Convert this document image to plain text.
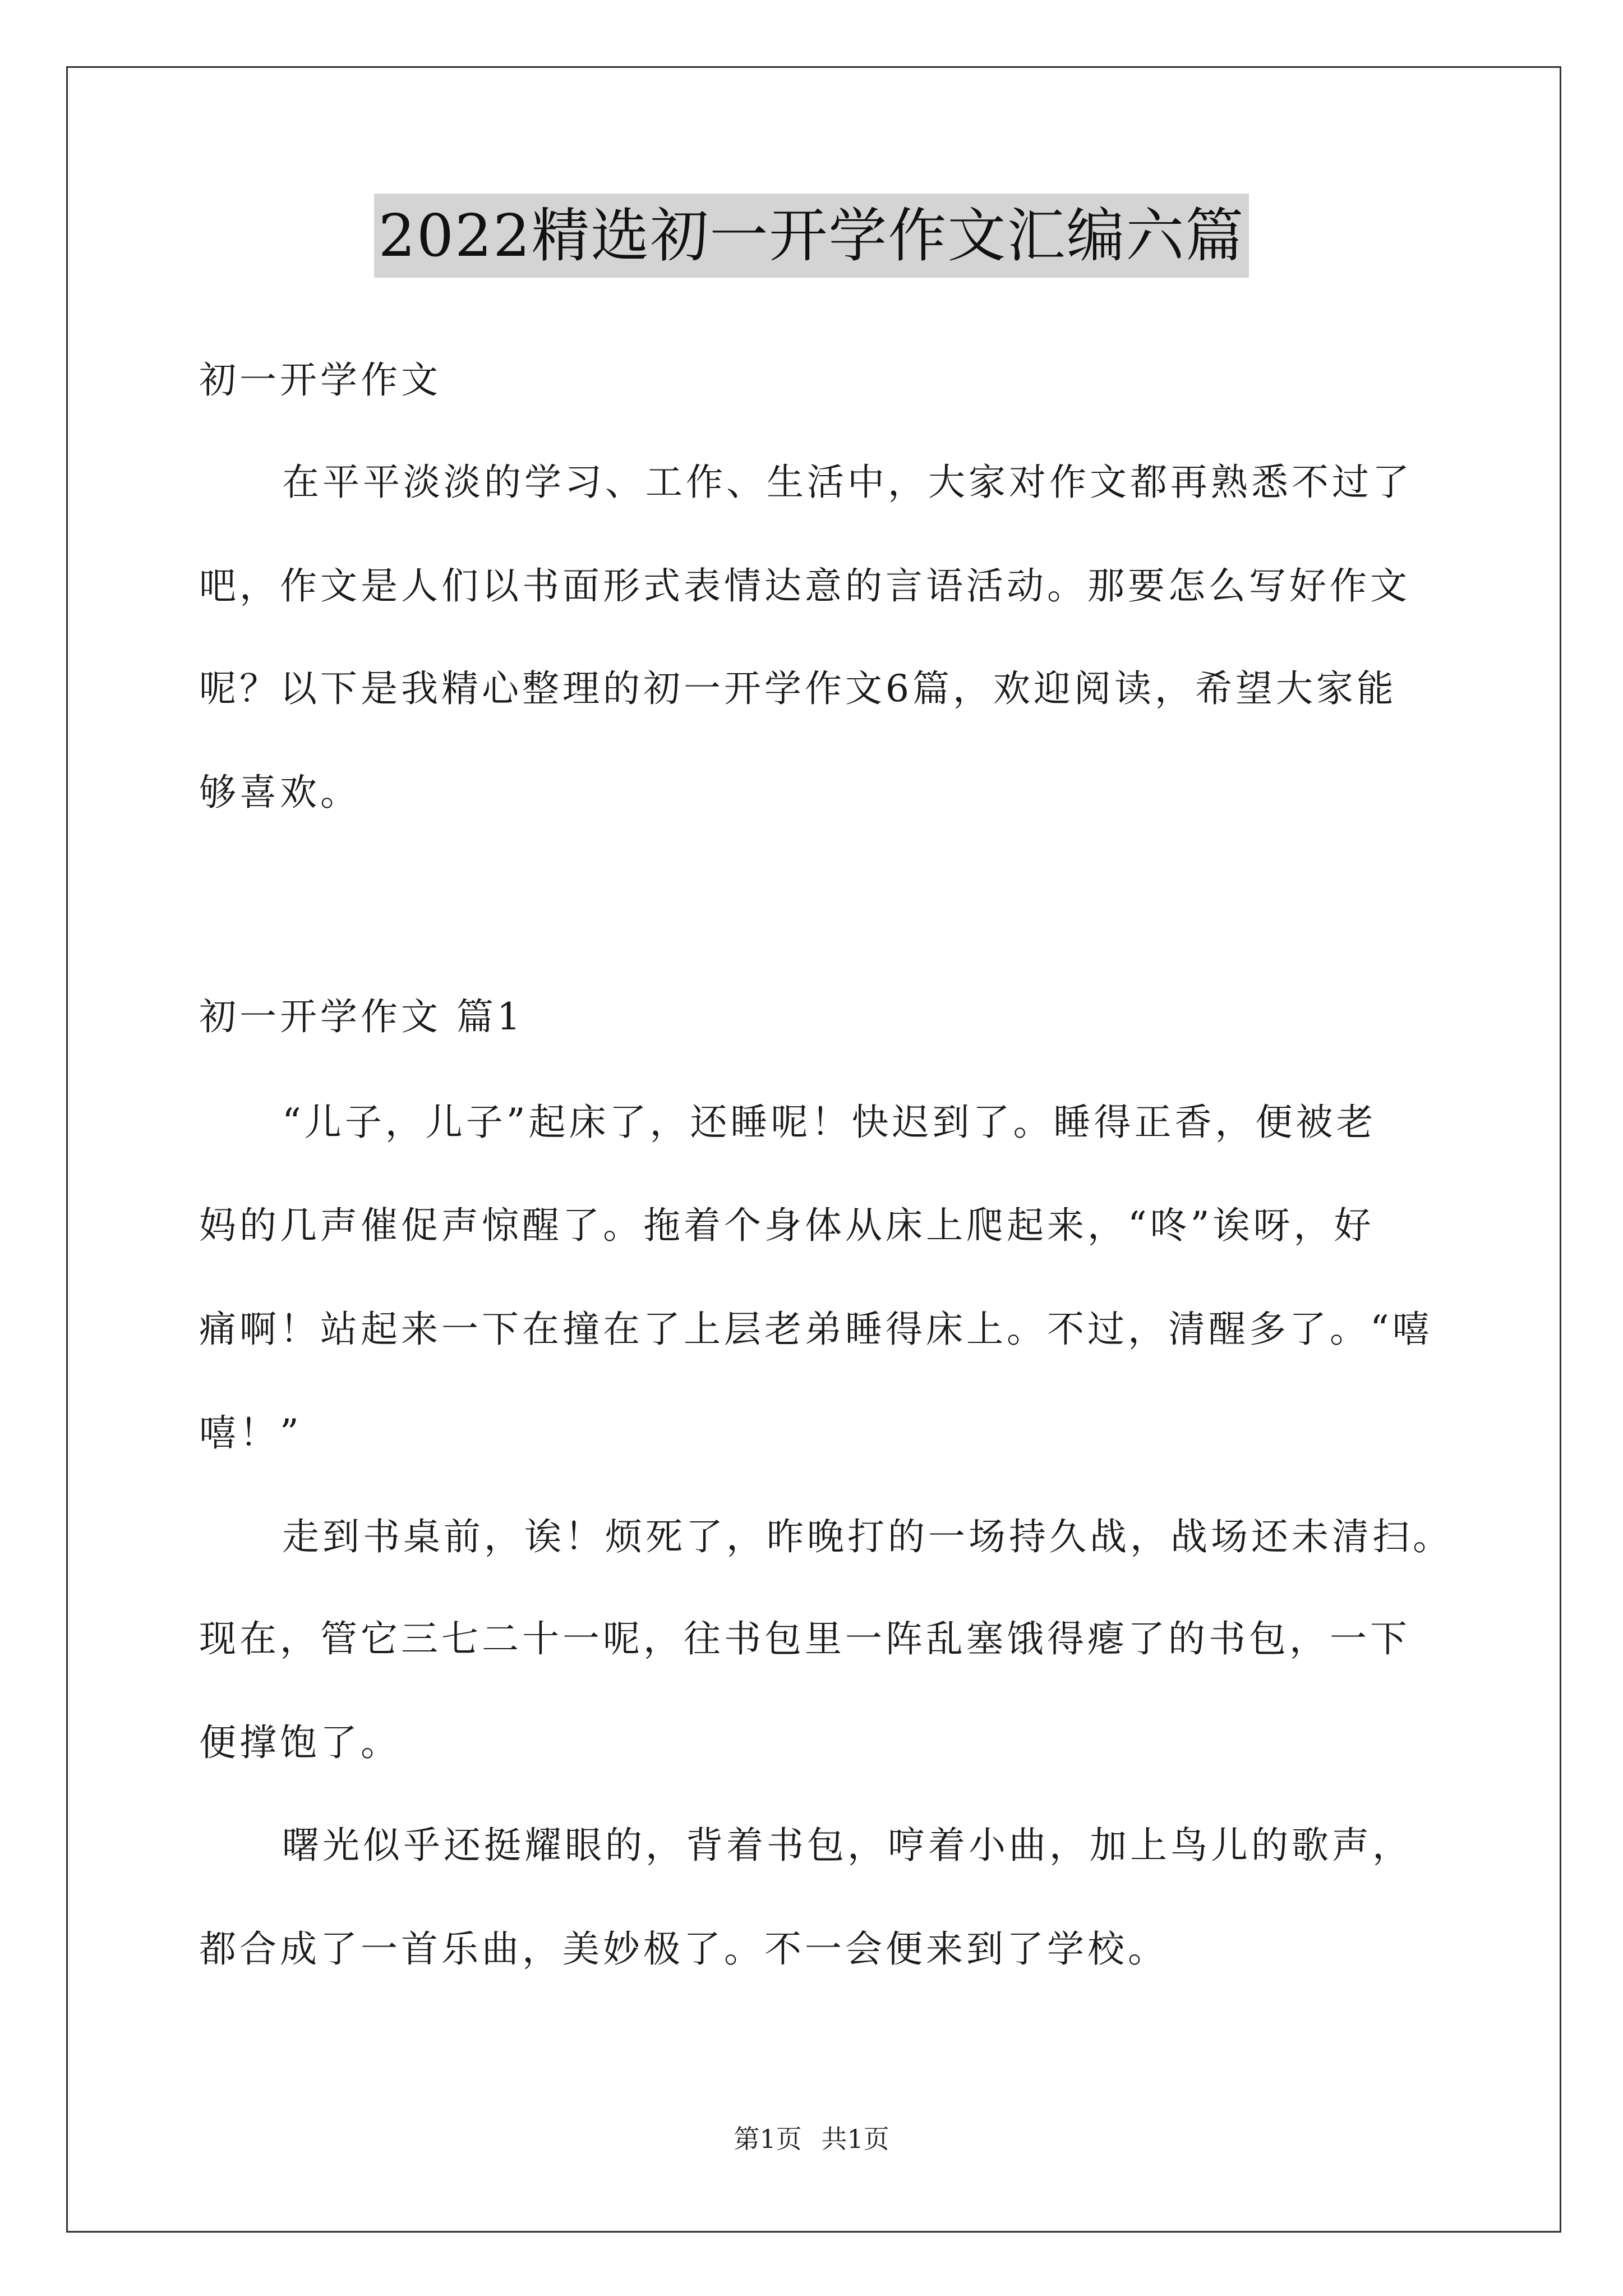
2022精选初一开学作文汇编六篇
初一开学作文
在平平淡淡的学习、工作、生活中，大家对作文都再熟悉不过了
吧，作文是人们以书面形式表情达意的言语活动。那要怎么写好作文
呢？以下是我精心整理的初一开学作文6篇，欢迎阅读，希望大家能
够喜欢。
初一开学作文 篇1
“儿子，儿子”起床了，还睡呢！快迟到了。睡得正香，便被老
妈的几声催促声惊醒了。拖着个身体从床上爬起来，“咚”诶呀，好
痛啊！站起来一下在撞在了上层老弟睡得床上。不过，清醒多了。“嘻
嘻！”
走到书桌前，诶！烦死了，昨晚打的一场持久战，战场还未清扫。
现在，管它三七二十一呢，往书包里一阵乱塞饿得瘪了的书包，一下
便撑饱了。
曙光似乎还挺耀眼的，背着书包，哼着小曲，加上鸟儿的歌声，
都合成了一首乐曲，美妙极了。不一会便来到了学校。
第1页 共1页
